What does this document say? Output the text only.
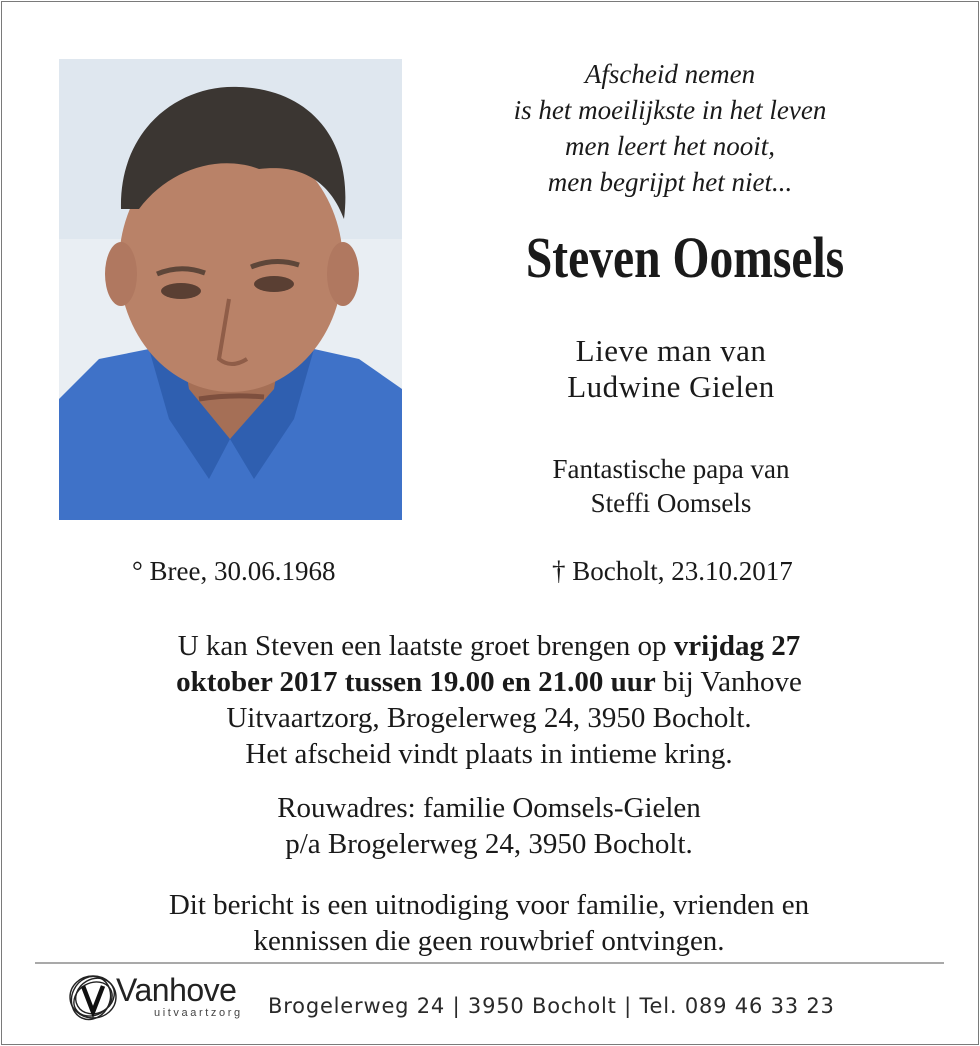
Afscheid nemen
is het moeilijkste in het leven
men leert het nooit,
men begrijpt het niet...
Steven Oomsels
Lieve man van
Ludwine Gielen
Fantastische papa van
Steffi Oomsels
° Bree, 30.06.1968	† Bocholt, 23.10.2017
U kan Steven een laatste groet brengen op vrijdag 27
oktober 2017 tussen 19.00 en 21.00 uur bij Vanhove
Uitvaartzorg, Brogelerweg 24, 3950 Bocholt.
Het afscheid vindt plaats in intieme kring.
Rouwadres: familie Oomsels-Gielen
p/a Brogelerweg 24, 3950 Bocholt.
Dit bericht is een uitnodiging voor familie, vrienden en
kennissen die geen rouwbrief ontvingen.
Vanhove
uitvaartzorg Brogelerweg 24 | 3950 Bocholt | Tel. 089 46 33 23
